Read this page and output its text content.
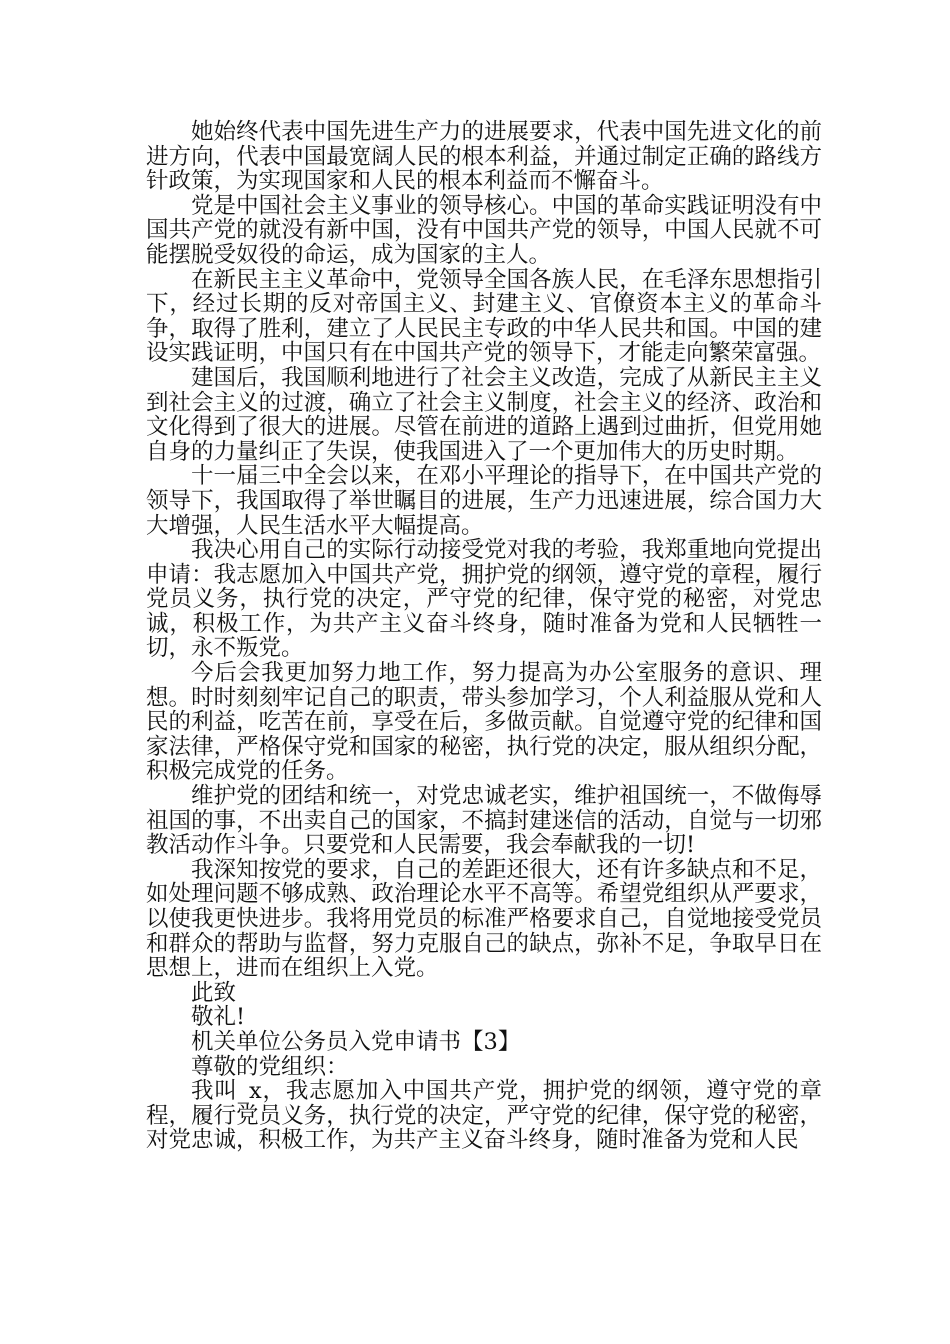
她始终代表中国先进生产力的进展要求，代表中国先进文化的前进方向，代表中国最宽阔人民的根本利益，并通过制定正确的路线方针政策，为实现国家和人民的根本利益而不懈奋斗。

党是中国社会主义事业的领导核心。中国的革命实践证明没有中国共产党的就没有新中国，没有中国共产党的领导，中国人民就不可能摆脱受奴役的命运，成为国家的主人。

在新民主主义革命中，党领导全国各族人民，在毛泽东思想指引下，经过长期的反对帝国主义、封建主义、官僚资本主义的革命斗争，取得了胜利，建立了人民民主专政的中华人民共和国。中国的建设实践证明，中国只有在中国共产党的领导下，才能走向繁荣富强。

建国后，我国顺利地进行了社会主义改造，完成了从新民主主义到社会主义的过渡，确立了社会主义制度，社会主义的经济、政治和文化得到了很大的进展。尽管在前进的道路上遇到过曲折，但党用她自身的力量纠正了失误，使我国进入了一个更加伟大的历史时期。

十一届三中全会以来，在邓小平理论的指导下，在中国共产党的领导下，我国取得了举世瞩目的进展，生产力迅速进展，综合国力大大增强，人民生活水平大幅提高。

我决心用自己的实际行动接受党对我的考验，我郑重地向党提出申请：我志愿加入中国共产党，拥护党的纲领，遵守党的章程，履行党员义务，执行党的决定，严守党的纪律，保守党的秘密，对党忠诚，积极工作，为共产主义奋斗终身，随时准备为党和人民牺牲一切，永不叛党。

今后会我更加努力地工作，努力提高为办公室服务的意识、理想。时时刻刻牢记自己的职责，带头参加学习，个人利益服从党和人民的利益，吃苦在前，享受在后，多做贡献。自觉遵守党的纪律和国家法律，严格保守党和国家的秘密，执行党的决定，服从组织分配，积极完成党的任务。

维护党的团结和统一，对党忠诚老实，维护祖国统一，不做侮辱祖国的事，不出卖自己的国家，不搞封建迷信的活动，自觉与一切邪教活动作斗争。只要党和人民需要，我会奉献我的一切!

我深知按党的要求，自己的差距还很大，还有许多缺点和不足，如处理问题不够成熟、政治理论水平不高等。希望党组织从严要求，以使我更快进步。我将用党员的标准严格要求自己，自觉地接受党员和群众的帮助与监督，努力克服自己的缺点，弥补不足，争取早日在思想上，进而在组织上入党。

此致

敬礼!

机关单位公务员入党申请书【3】

尊敬的党组织：

我叫_x，我志愿加入中国共产党，拥护党的纲领，遵守党的章程，履行党员义务，执行党的决定，严守党的纪律，保守党的秘密，对党忠诚，积极工作，为共产主义奋斗终身，随时准备为党和人民
